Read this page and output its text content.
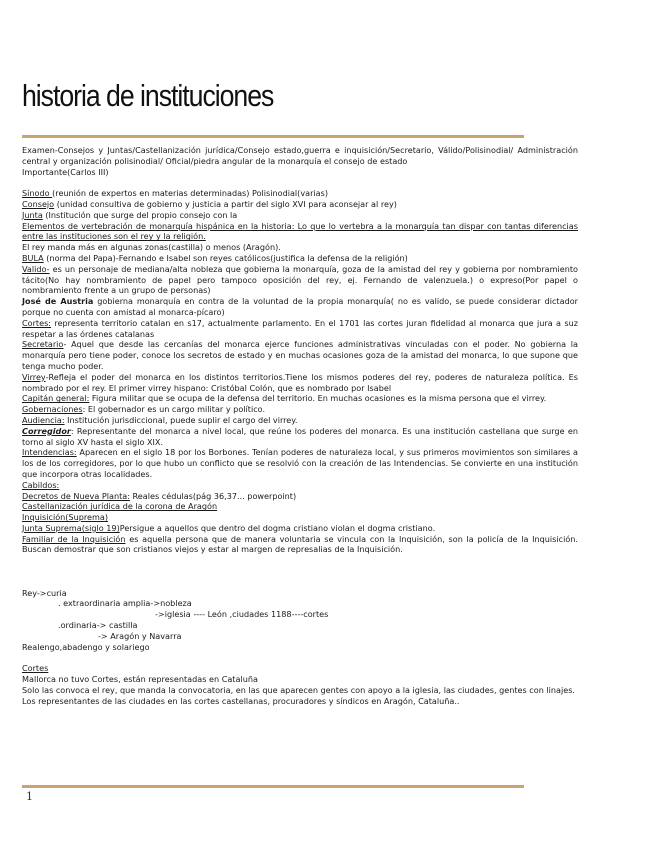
historia de instituciones

Examen-Consejos y Juntas/Castellanización jurídica/Consejo estado,guerra e inquisición/Secretario, Válido/Polisinodial/ Administración central y organización polisinodial/ Oficial/piedra angular de la monarquía el consejo de estado

Importante(Carlos III)

Sínodo (reunión de expertos en materias determinadas) Polisinodial(varias)

Consejo (unidad consultiva de gobierno y justicia a partir del siglo XVI para aconsejar al rey)

Junta (Institución que surge del propio consejo con la

Elementos de vertebración de monarquía hispánica en la historia: Lo que lo vertebra a la monarquía tan dispar con tantas diferencias entre las instituciones son el rey y la religión.

El rey manda más en algunas zonas(castilla) o menos (Aragón).

BULA (norma del Papa)-Fernando e Isabel son reyes católicos(justifica la defensa de la religión)

Valido- es un personaje de mediana/alta nobleza que gobierna la monarquía, goza de la amistad del rey y gobierna por nombramiento tácito(No hay nombramiento de papel pero tampoco oposición del rey, ej. Fernando de valenzuela.) o expreso(Por papel o nombramiento frente a un grupo de personas)

José de Austria gobierna monarquía en contra de la voluntad de la propia monarquía( no es valido, se puede considerar dictador porque no cuenta con amistad al monarca-pícaro)

Cortes: representa territorio catalan en s17, actualmente parlamento. En el 1701 las cortes juran fidelidad al monarca que jura a suz respetar a las órdenes catalanas

Secretario- Aquel que desde las cercanías del monarca ejerce funciones administrativas vinculadas con el poder. No gobierna la monarquía pero tiene poder, conoce los secretos de estado y en muchas ocasiones goza de la amistad del monarca, lo que supone que tenga mucho poder.

Virrey-Refleja el poder del monarca en los distintos territorios.Tiene los mismos poderes del rey, poderes de naturaleza política. Es nombrado por el rey. El primer virrey hispano: Cristóbal Colón, que es nombrado por Isabel

Capitán general: Figura militar que se ocupa de la defensa del territorio. En muchas ocasiones es la misma persona que el virrey.

Gobernaciones: El gobernador es un cargo militar y político.

Audiencia: Institución jurisdiccional, puede suplir el cargo del virrey.

Corregidor: Representante del monarca a nivel local, que reúne los poderes del monarca. Es una institución castellana que surge en torno al siglo XV hasta el siglo XIX.

Intendencias: Aparecen en el siglo 18 por los Borbones. Tenían poderes de naturaleza local, y sus primeros movimientos son similares a los de los corregidores, por lo que hubo un conflicto que se resolvió con la creación de las Intendencias. Se convierte en una institución que incorpora otras localidades.

Cabildos:

Decretos de Nueva Planta: Reales cédulas(pág 36,37... powerpoint)

Castellanización jurídica de la corona de Aragón

Inquisición(Suprema)

Junta Suprema(siglo 19)Persigue a aquellos que dentro del dogma cristiano violan el dogma cristiano.

Familiar de la Inquisición es aquella persona que de manera voluntaria se vincula con la Inquisición, son la policía de la Inquisición. Buscan demostrar que son cristianos viejos y estar al margen de represalias de la Inquisición.

Rey->curia

. extraordinaria amplia->nobleza

->iglesia ---- León ,ciudades 1188----cortes

.ordinaria-> castilla

-> Aragón y Navarra

Realengo,abadengo y solariego

Cortes

Mallorca no tuvo Cortes, están representadas en Cataluña

Solo las convoca el rey, que manda la convocatoria, en las que aparecen gentes con apoyo a la iglesia, las ciudades, gentes con linajes.

Los representantes de las ciudades en las cortes castellanas, procuradores y síndicos en Aragón, Cataluña..

1
